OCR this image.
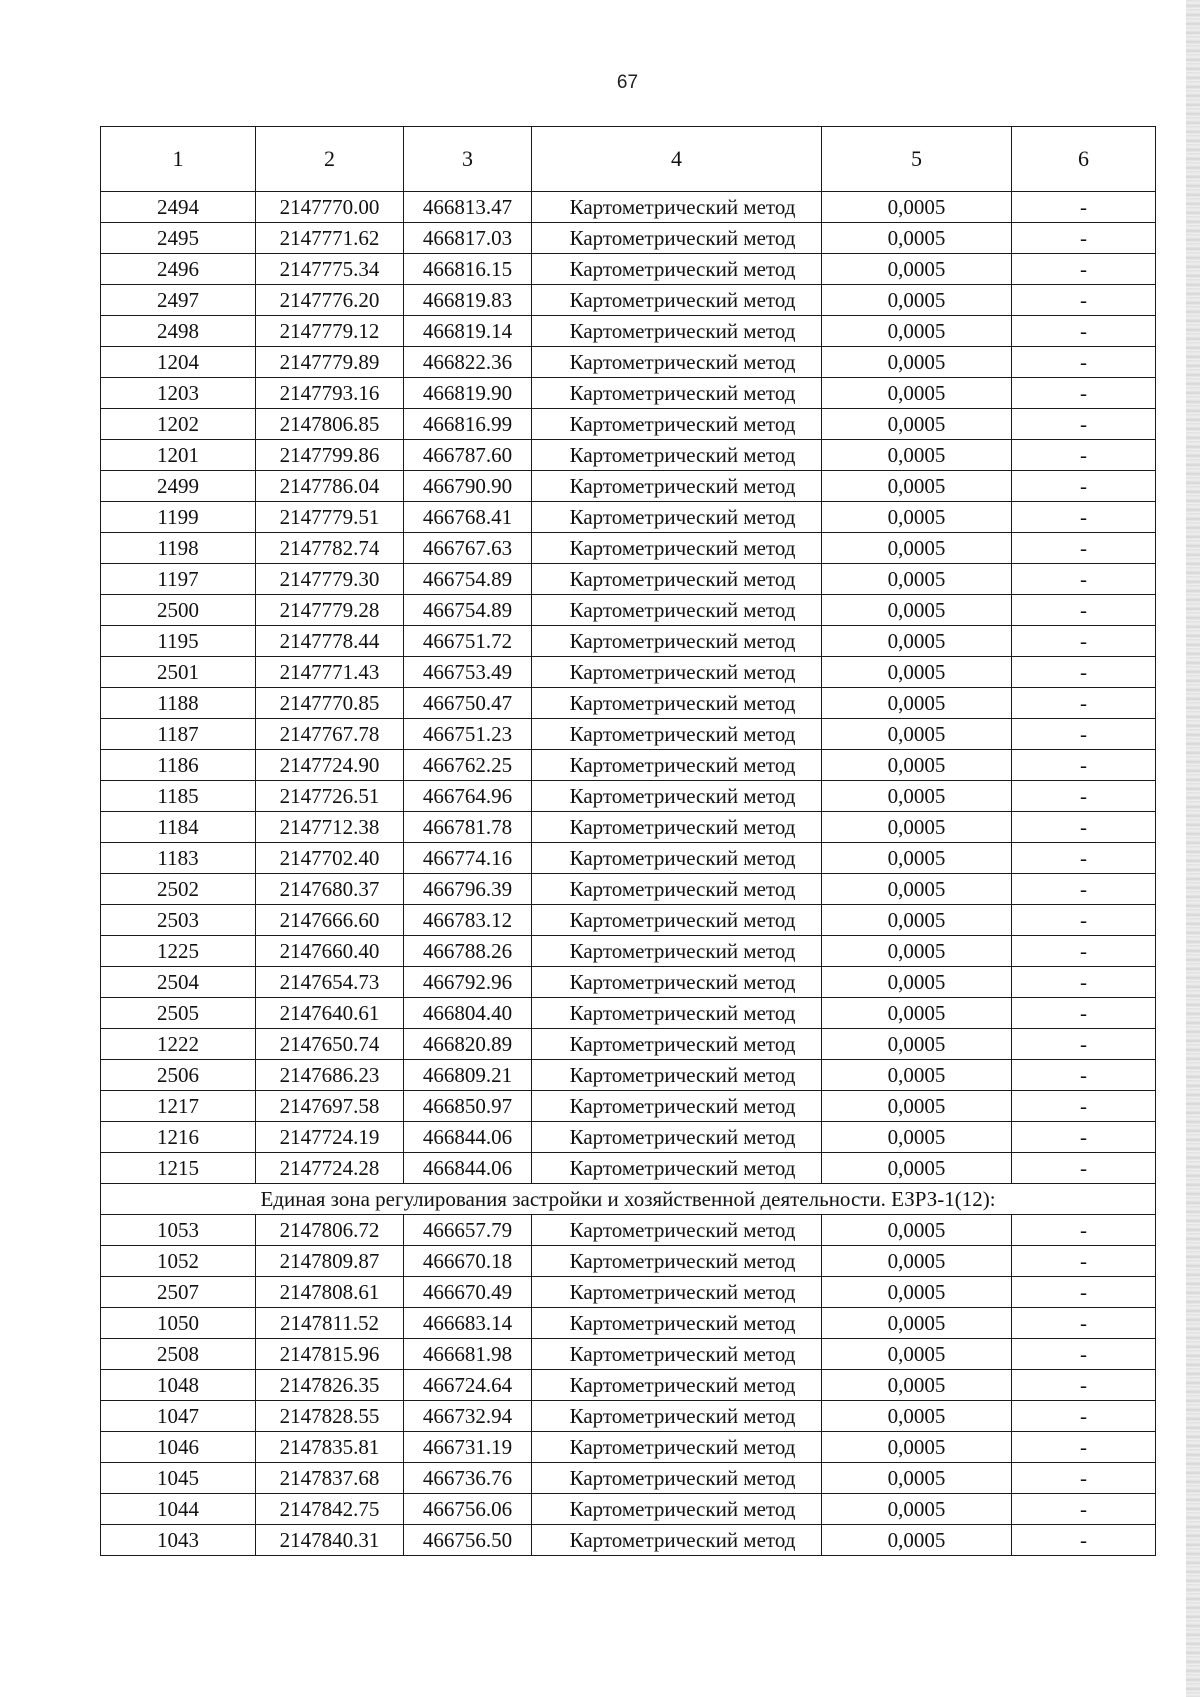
67
1	2	3	4	5	6
2494	2147770.00	466813.47	Картометрический метод	0,0005	-
2495	2147771.62	466817.03	Картометрический метод	0,0005	-
2496	2147775.34	466816.15	Картометрический метод	0,0005	-
2497	2147776.20	466819.83	Картометрический метод	0,0005	-
2498	2147779.12	466819.14	Картометрический метод	0,0005	-
1204	2147779.89	466822.36	Картометрический метод	0,0005	-
1203	2147793.16	466819.90	Картометрический метод	0,0005	-
1202	2147806.85	466816.99	Картометрический метод	0,0005	-
1201	2147799.86	466787.60	Картометрический метод	0,0005	-
2499	2147786.04	466790.90	Картометрический метод	0,0005	-
1199	2147779.51	466768.41	Картометрический метод	0,0005	-
1198	2147782.74	466767.63	Картометрический метод	0,0005	-
1197	2147779.30	466754.89	Картометрический метод	0,0005	-
2500	2147779.28	466754.89	Картометрический метод	0,0005	-
1195	2147778.44	466751.72	Картометрический метод	0,0005	-
2501	2147771.43	466753.49	Картометрический метод	0,0005	-
1188	2147770.85	466750.47	Картометрический метод	0,0005	-
1187	2147767.78	466751.23	Картометрический метод	0,0005	-
1186	2147724.90	466762.25	Картометрический метод	0,0005	-
1185	2147726.51	466764.96	Картометрический метод	0,0005	-
1184	2147712.38	466781.78	Картометрический метод	0,0005	-
1183	2147702.40	466774.16	Картометрический метод	0,0005	-
2502	2147680.37	466796.39	Картометрический метод	0,0005	-
2503	2147666.60	466783.12	Картометрический метод	0,0005	-
1225	2147660.40	466788.26	Картометрический метод	0,0005	-
2504	2147654.73	466792.96	Картометрический метод	0,0005	-
2505	2147640.61	466804.40	Картометрический метод	0,0005	-
1222	2147650.74	466820.89	Картометрический метод	0,0005	-
2506	2147686.23	466809.21	Картометрический метод	0,0005	-
1217	2147697.58	466850.97	Картометрический метод	0,0005	-
1216	2147724.19	466844.06	Картометрический метод	0,0005	-
1215	2147724.28	466844.06	Картометрический метод	0,0005	-
Единая зона регулирования застройки и хозяйственной деятельности. ЕЗРЗ-1(12):					
1053	2147806.72	466657.79	Картометрический метод	0,0005	-
1052	2147809.87	466670.18	Картометрический метод	0,0005	-
2507	2147808.61	466670.49	Картометрический метод	0,0005	-
1050	2147811.52	466683.14	Картометрический метод	0,0005	-
2508	2147815.96	466681.98	Картометрический метод	0,0005	-
1048	2147826.35	466724.64	Картометрический метод	0,0005	-
1047	2147828.55	466732.94	Картометрический метод	0,0005	-
1046	2147835.81	466731.19	Картометрический метод	0,0005	-
1045	2147837.68	466736.76	Картометрический метод	0,0005	-
1044	2147842.75	466756.06	Картометрический метод	0,0005	-
1043	2147840.31	466756.50	Картометрический метод	0,0005	-
